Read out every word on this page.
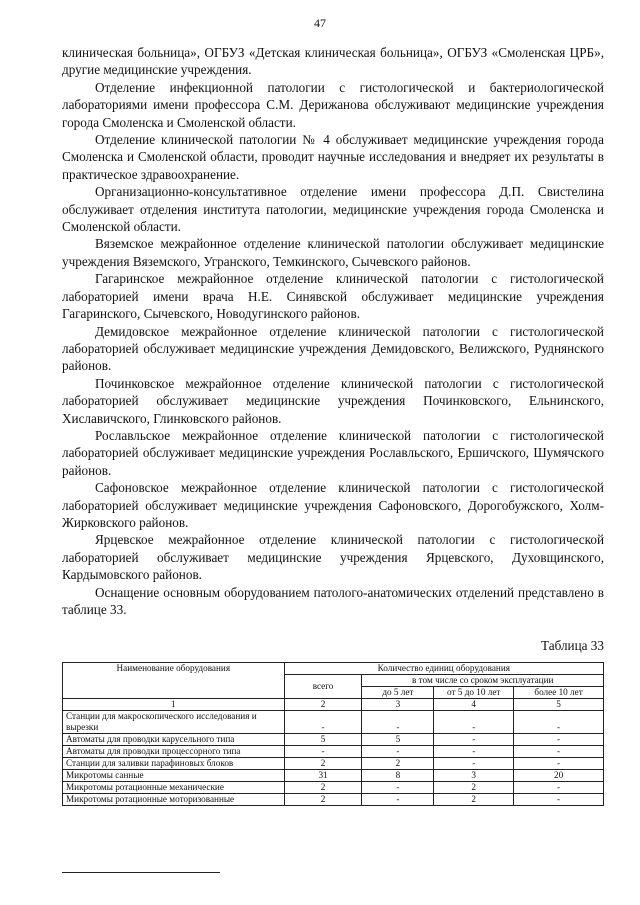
47

клиническая больница», ОГБУЗ «Детская клиническая больница», ОГБУЗ «Смоленская ЦРБ», другие медицинские учреждения.

Отделение инфекционной патологии с гистологической и бактериологической лабораториями имени профессора С.М. Дерижанова обслуживают медицинские учреждения города Смоленска и Смоленской области.

Отделение клинической патологии № 4 обслуживает медицинские учреждения города Смоленска и Смоленской области, проводит научные исследования и внедряет их результаты в практическое здравоохранение.

Организационно-консультативное отделение имени профессора Д.П. Свистелина обслуживает отделения института патологии, медицинские учреждения города Смоленска и Смоленской области.

Вяземское межрайонное отделение клинической патологии обслуживает медицинские учреждения Вяземского, Угранского, Темкинского, Сычевского районов.

Гагаринское межрайонное отделение клинической патологии с гистологической лабораторией имени врача Н.Е. Синявской обслуживает медицинские учреждения Гагаринского, Сычевского, Новодугинского районов.

Демидовское межрайонное отделение клинической патологии с гистологической лабораторией обслуживает медицинские учреждения Демидовского, Велижского, Руднянского районов.

Починковское межрайонное отделение клинической патологии с гистологической лабораторией обслуживает медицинские учреждения Починковского, Ельнинского, Хиславичского, Глинковского районов.

Рославльское межрайонное отделение клинической патологии с гистологической лабораторией обслуживает медицинские учреждения Рославльского, Ершичского, Шумячского районов.

Сафоновское межрайонное отделение клинической патологии с гистологической лабораторией обслуживает медицинские учреждения Сафоновского, Дорогобужского, Холм-Жирковского районов.

Ярцевское межрайонное отделение клинической патологии с гистологической лабораторией обслуживает медицинские учреждения Ярцевского, Духовщинского, Кардымовского районов.

Оснащение основным оборудованием патолого-анатомических отделений представлено в таблице 33.

Таблица 33
Наименование оборудования	Количество единиц оборудования			
	всего	в том числе со сроком эксплуатации		
		до 5 лет	от 5 до 10 лет	более 10 лет
1	2	3	4	5
Станции для макроскопического исследования и вырезки	-	-	-	-
Автоматы для проводки карусельного типа	5	5	-	-
Автоматы для проводки процессорного типа	-	-	-	-
Станции для заливки парафиновых блоков	2	2	-	-
Микротомы санные	31	8	3	20
Микротомы ротационные механические	2	-	2	-
Микротомы ротационные моторизованные	2	-	2	-
